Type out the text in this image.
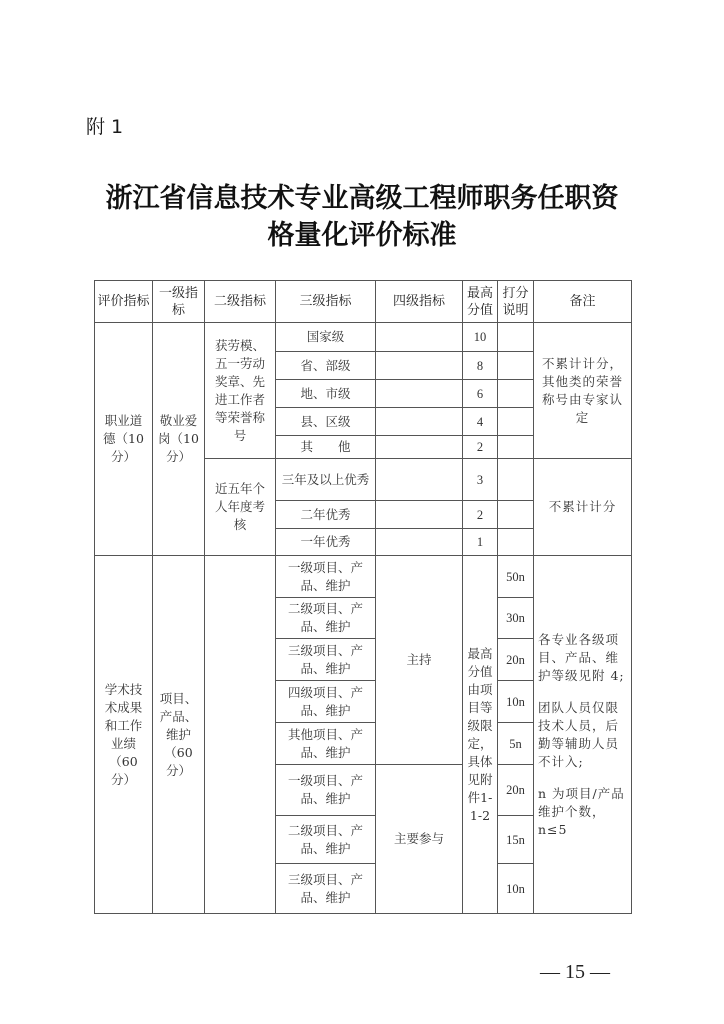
附 1
浙江省信息技术专业高级工程师职务任职资
格量化评价标准
评价指标	一级指标	二级指标	三级指标	四级指标	最高分值	打分说明	备注
职业道德（10分）	敬业爱岗（10分）	获劳模、五一劳动奖章、先进工作者等荣誉称号	国家级		10		不累计计分，其他类的荣誉称号由专家认定
			省、部级		8		
			地、市级		6		
			县、区级		4		
			其　　他		2		
		近五年个人年度考核	三年及以上优秀		3		不累计计分
			二年优秀		2		
			一年优秀		1		
学术技术成果和工作业绩（60分）	项目、产品、维护（60分）		一级项目、产品、维护	主持	最高分值由项目等级限定，具体见附件1-1-2	50n	各专业各级项目、产品、维护等级见附 4;
团队人员仅限技术人员，后勤等辅助人员不计入;
n 为项目/产品维护个数，n≤5

			二级项目、产品、维护			30n	
			三级项目、产品、维护			20n	
			四级项目、产品、维护			10n	
			其他项目、产品、维护			5n	
			一级项目、产品、维护	主要参与		20n	
			二级项目、产品、维护			15n	
			三级项目、产品、维护			10n	
— 15 —
